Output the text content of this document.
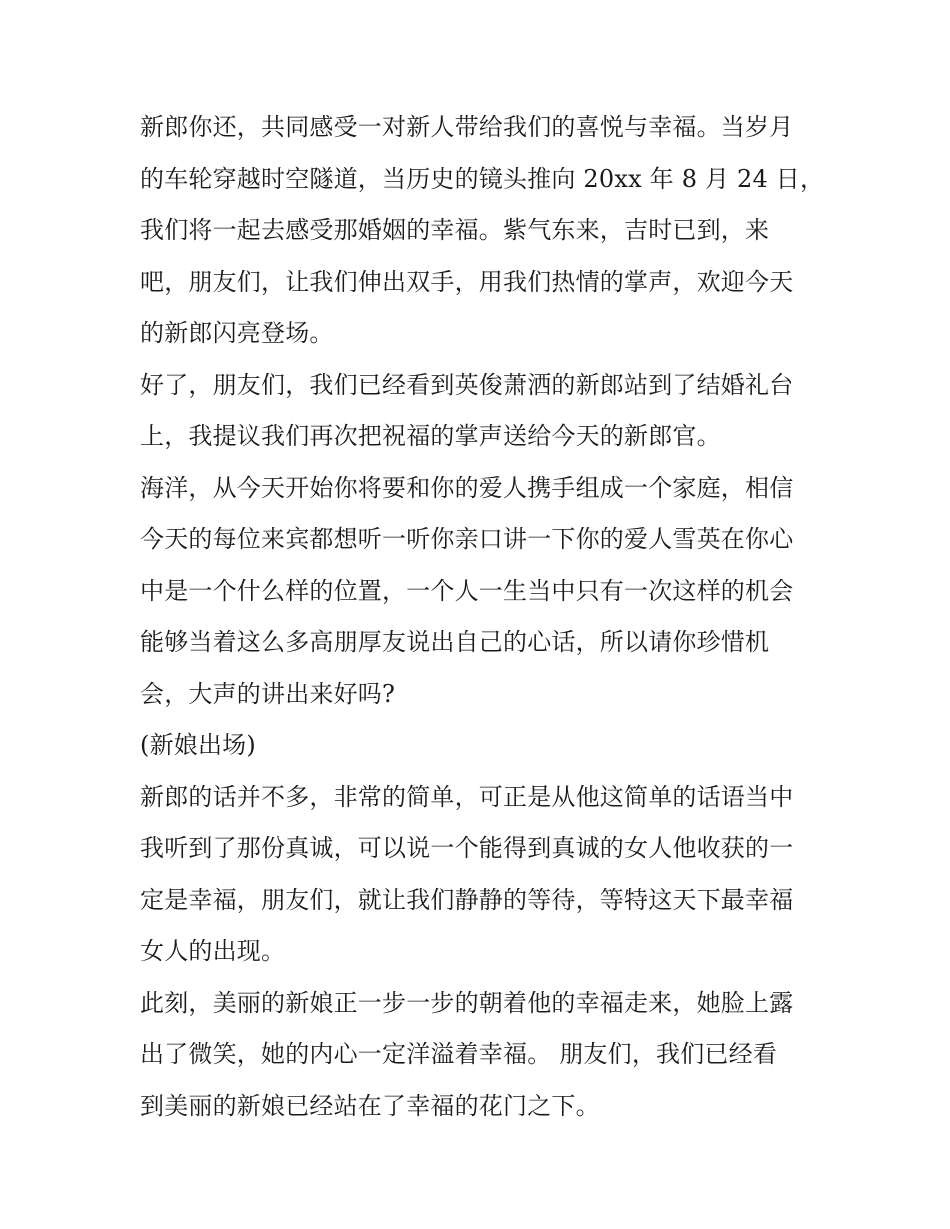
新郎你还，共同感受一对新人带给我们的喜悦与幸福。当岁月
的车轮穿越时空隧道，当历史的镜头推向 20xx 年 8 月 24 日，
我们将一起去感受那婚姻的幸福。紫气东来，吉时已到，来
吧，朋友们，让我们伸出双手，用我们热情的掌声，欢迎今天
的新郎闪亮登场。
好了，朋友们，我们已经看到英俊萧洒的新郎站到了结婚礼台
上，我提议我们再次把祝福的掌声送给今天的新郎官。
海洋，从今天开始你将要和你的爱人携手组成一个家庭，相信
今天的每位来宾都想听一听你亲口讲一下你的爱人雪英在你心
中是一个什么样的位置，一个人一生当中只有一次这样的机会
能够当着这么多高朋厚友说出自己的心话，所以请你珍惜机
会，大声的讲出来好吗?
(新娘出场)
新郎的话并不多，非常的简单，可正是从他这简单的话语当中
我听到了那份真诚，可以说一个能得到真诚的女人他收获的一
定是幸福，朋友们，就让我们静静的等待，等特这天下最幸福
女人的出现。
此刻，美丽的新娘正一步一步的朝着他的幸福走来，她脸上露
出了微笑，她的内心一定洋溢着幸福。 朋友们，我们已经看
到美丽的新娘已经站在了幸福的花门之下。
